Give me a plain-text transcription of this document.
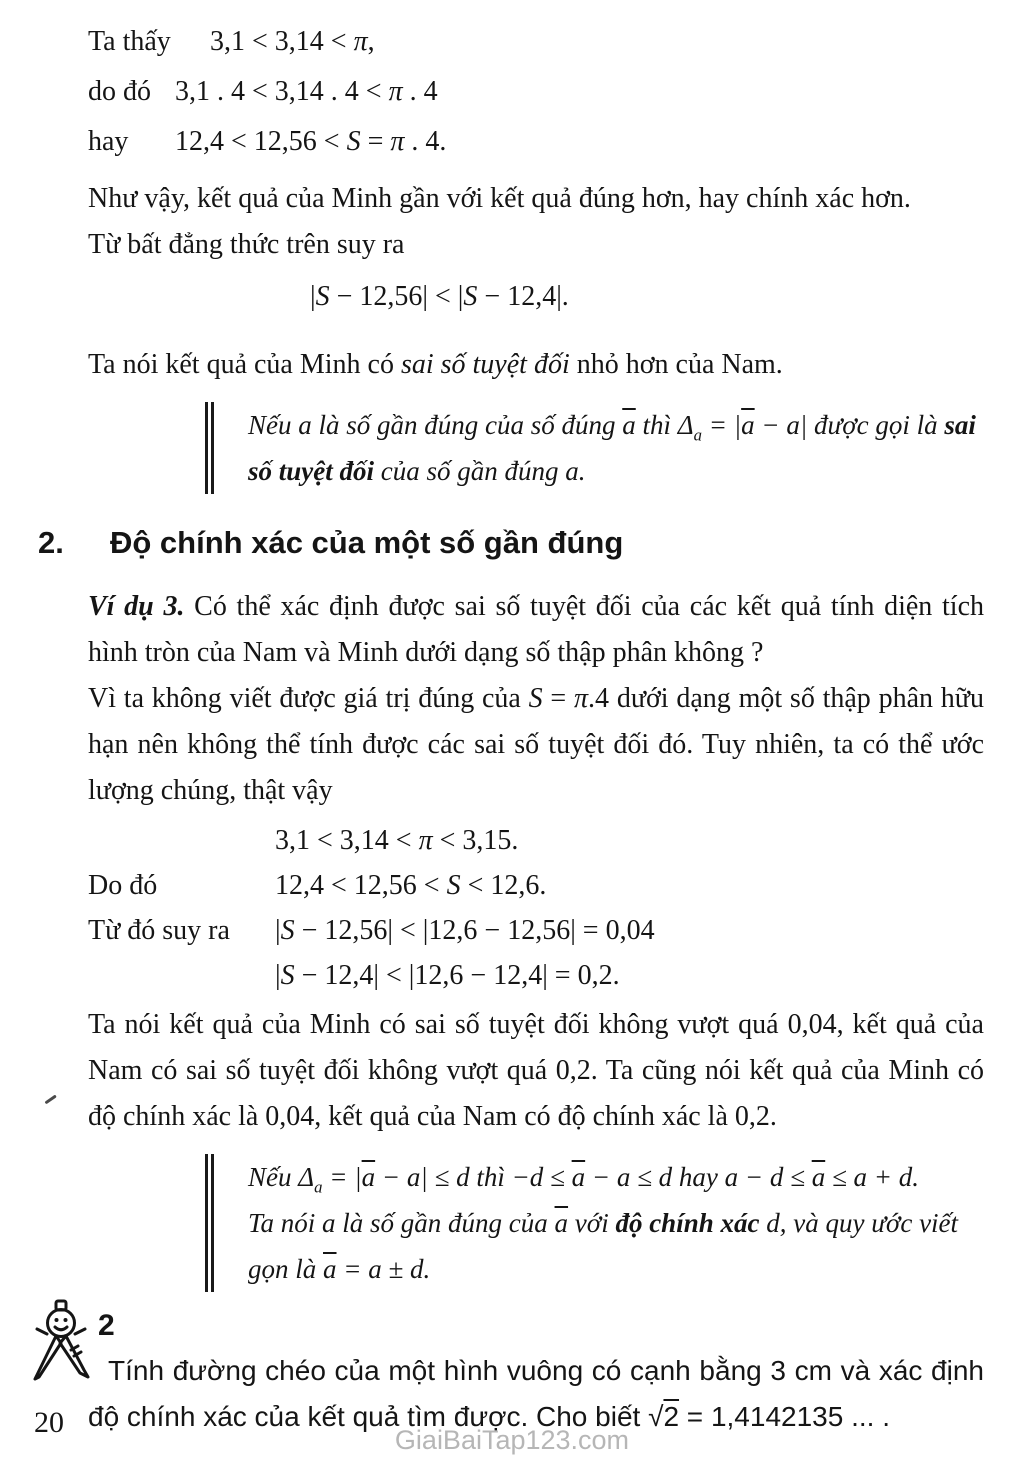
Ta thấy	3,1 < 3,14 < π,
do đó 3,1 . 4 < 3,14 . 4 < π . 4
hay	12,4 < 12,56 < S = π . 4.

Như vậy, kết quả của Minh gần với kết quả đúng hơn, hay chính xác hơn.

Từ bất đẳng thức trên suy ra

|S − 12,56| < |S − 12,4|.

Ta nói kết quả của Minh có sai số tuyệt đối nhỏ hơn của Nam.

Nếu a là số gần đúng của số đúng $\overline{a}$ thì $\Delta_a = |\overline{a} - a|$ được gọi là sai số tuyệt đối của số gần đúng a.

2.	Độ chính xác của một số gần đúng

Ví dụ 3. Có thể xác định được sai số tuyệt đối của các kết quả tính diện tích hình tròn của Nam và Minh dưới dạng số thập phân không ?

Vì ta không viết được giá trị đúng của S = π.4 dưới dạng một số thập phân hữu hạn nên không thể tính được các sai số tuyệt đối đó. Tuy nhiên, ta có thể ước lượng chúng, thật vậy

3,1 < 3,14 < π < 3,15.
Do đó	12,4 < 12,56 < S < 12,6.
Từ đó suy ra	|S − 12,56| < |12,6 − 12,56| = 0,04
|S − 12,4| < |12,6 − 12,4| = 0,2.

Ta nói kết quả của Minh có sai số tuyệt đối không vượt quá 0,04, kết quả của Nam có sai số tuyệt đối không vượt quá 0,2. Ta cũng nói kết quả của Minh có độ chính xác là 0,04, kết quả của Nam có độ chính xác là 0,2.

Nếu $\Delta_a = |\overline{a} - a| \le d$ thì $-d \le \overline{a} - a \le d$ hay $a - d \le \overline{a} \le a + d$.

Ta nói a là số gần đúng của $\overline{a}$ với độ chính xác d, và quy ước viết gọn là $\overline{a} = a \pm d$.

2

Tính đường chéo của một hình vuông có cạnh bằng 3 cm và xác định độ chính xác của kết quả tìm được. Cho biết √2 = 1,4142135 ... .

20
GiaiBaiTap123.com
